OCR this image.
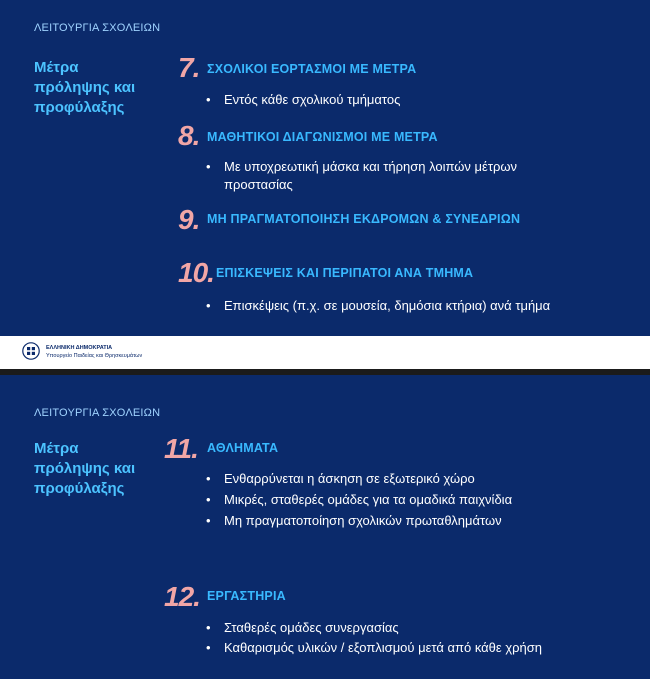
ΛΕΙΤΟΥΡΓΙΑ ΣΧΟΛΕΙΩΝ
Μέτρα
πρόληψης και
προφύλαξης
7. ΣΧΟΛΙΚΟΙ ΕΟΡΤΑΣΜΟΙ ΜΕ ΜΕΤΡΑ
• Εντός κάθε σχολικού τμήματος
8. ΜΑΘΗΤΙΚΟΙ ΔΙΑΓΩΝΙΣΜΟΙ ΜΕ ΜΕΤΡΑ
• Με υποχρεωτική μάσκα και τήρηση λοιπών μέτρων
προστασίας
9. ΜΗ ΠΡΑΓΜΑΤΟΠΟΙΗΣΗ ΕΚΔΡΟΜΩΝ & ΣΥΝΕΔΡΙΩΝ
10. ΕΠΙΣΚΕΨΕΙΣ ΚΑΙ ΠΕΡΙΠΑΤΟΙ ΑΝΑ ΤΜΗΜΑ
• Επισκέψεις (π.χ. σε μουσεία, δημόσια κτήρια) ανά τμήμα
ΕΛΛΗΝΙΚΗ ΔΗΜΟΚΡΑΤΙΑ
Υπουργείο Παιδείας και Θρησκευμάτων
ΛΕΙΤΟΥΡΓΙΑ ΣΧΟΛΕΙΩΝ
Μέτρα
πρόληψης και
προφύλαξης
11. ΑΘΛΗΜΑΤΑ
• Ενθαρρύνεται η άσκηση σε εξωτερικό χώρο
• Μικρές, σταθερές ομάδες για τα ομαδικά παιχνίδια
• Μη πραγματοποίηση σχολικών πρωταθλημάτων
12. ΕΡΓΑΣΤΗΡΙΑ
• Σταθερές ομάδες συνεργασίας
• Καθαρισμός υλικών / εξοπλισμού μετά από κάθε χρήση
